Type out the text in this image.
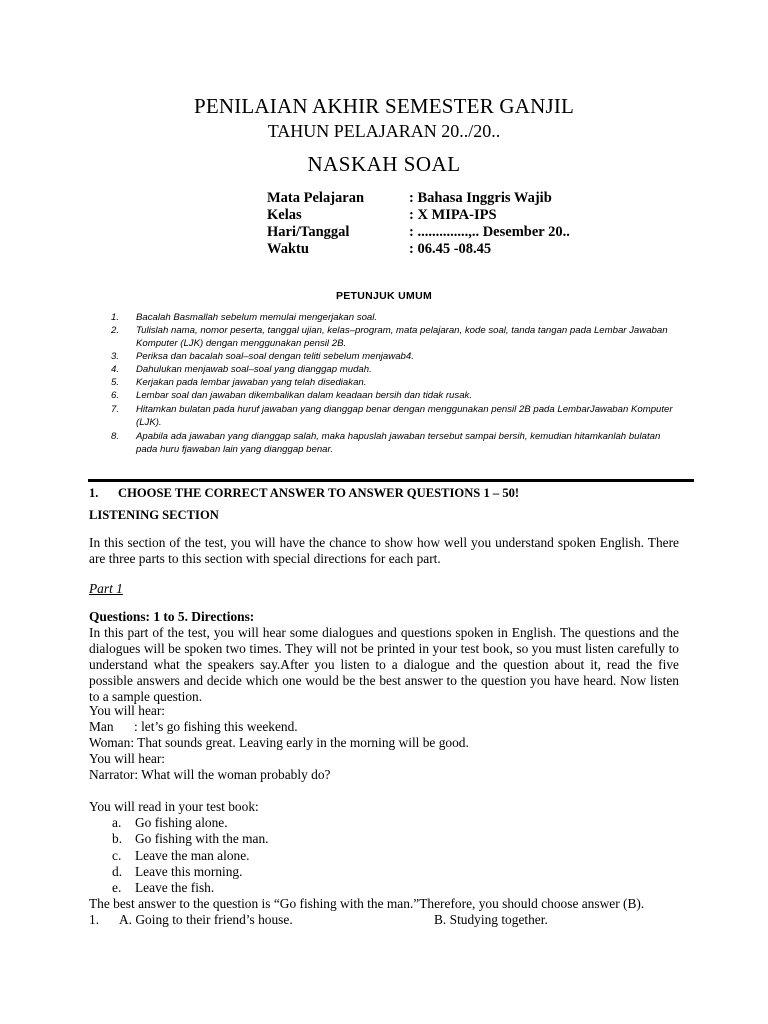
PENILAIAN AKHIR SEMESTER GANJIL
TAHUN PELAJARAN 20../20..
NASKAH SOAL
Mata Pelajaran	: Bahasa Inggris Wajib
Kelas	: X MIPA-IPS
Hari/Tanggal	: ..............,.. Desember 20..
Waktu	: 06.45 -08.45
PETUNJUK UMUM
1. Bacalah Basmallah sebelum memulai mengerjakan soal.
2. Tulislah nama, nomor peserta, tanggal ujian, kelas–program, mata pelajaran, kode soal, tanda tangan pada Lembar Jawaban Komputer (LJK) dengan menggunakan pensil 2B.
3. Periksa dan bacalah soal–soal dengan teliti sebelum menjawab4.
4. Dahulukan menjawab soal–soal yang dianggap mudah.
5. Kerjakan pada lembar jawaban yang telah disediakan.
6. Lembar soal dan jawaban dikembalikan dalam keadaan bersih dan tidak rusak.
7. Hitamkan bulatan pada huruf jawaban yang dianggap benar dengan menggunakan pensil 2B pada LembarJawaban Komputer (LJK).
8. Apabila ada jawaban yang dianggap salah, maka hapuslah jawaban tersebut sampai bersih, kemudian hitamkanlah bulatan pada huru fjawaban lain yang dianggap benar.
1. CHOOSE THE CORRECT ANSWER TO ANSWER QUESTIONS 1 – 50!
LISTENING SECTION
In this section of the test, you will have the chance to show how well you understand spoken English. There are three parts to this section with special directions for each part.
Part 1
Questions: 1 to 5. Directions:
In this part of the test, you will hear some dialogues and questions spoken in English. The questions and the dialogues will be spoken two times. They will not be printed in your test book, so you must listen carefully to understand what the speakers say.After you listen to a dialogue and the question about it, read the five possible answers and decide which one would be the best answer to the question you have heard. Now listen to a sample question.
You will hear:
Man : let’s go fishing this weekend.
Woman: That sounds great. Leaving early in the morning will be good.
You will hear:
Narrator: What will the woman probably do?
You will read in your test book:
a. Go fishing alone.
b. Go fishing with the man.
c. Leave the man alone.
d. Leave this morning.
e. Leave the fish.
The best answer to the question is “Go fishing with the man.”Therefore, you should choose answer (B).
1. A. Going to their friend’s house.	B. Studying together.
